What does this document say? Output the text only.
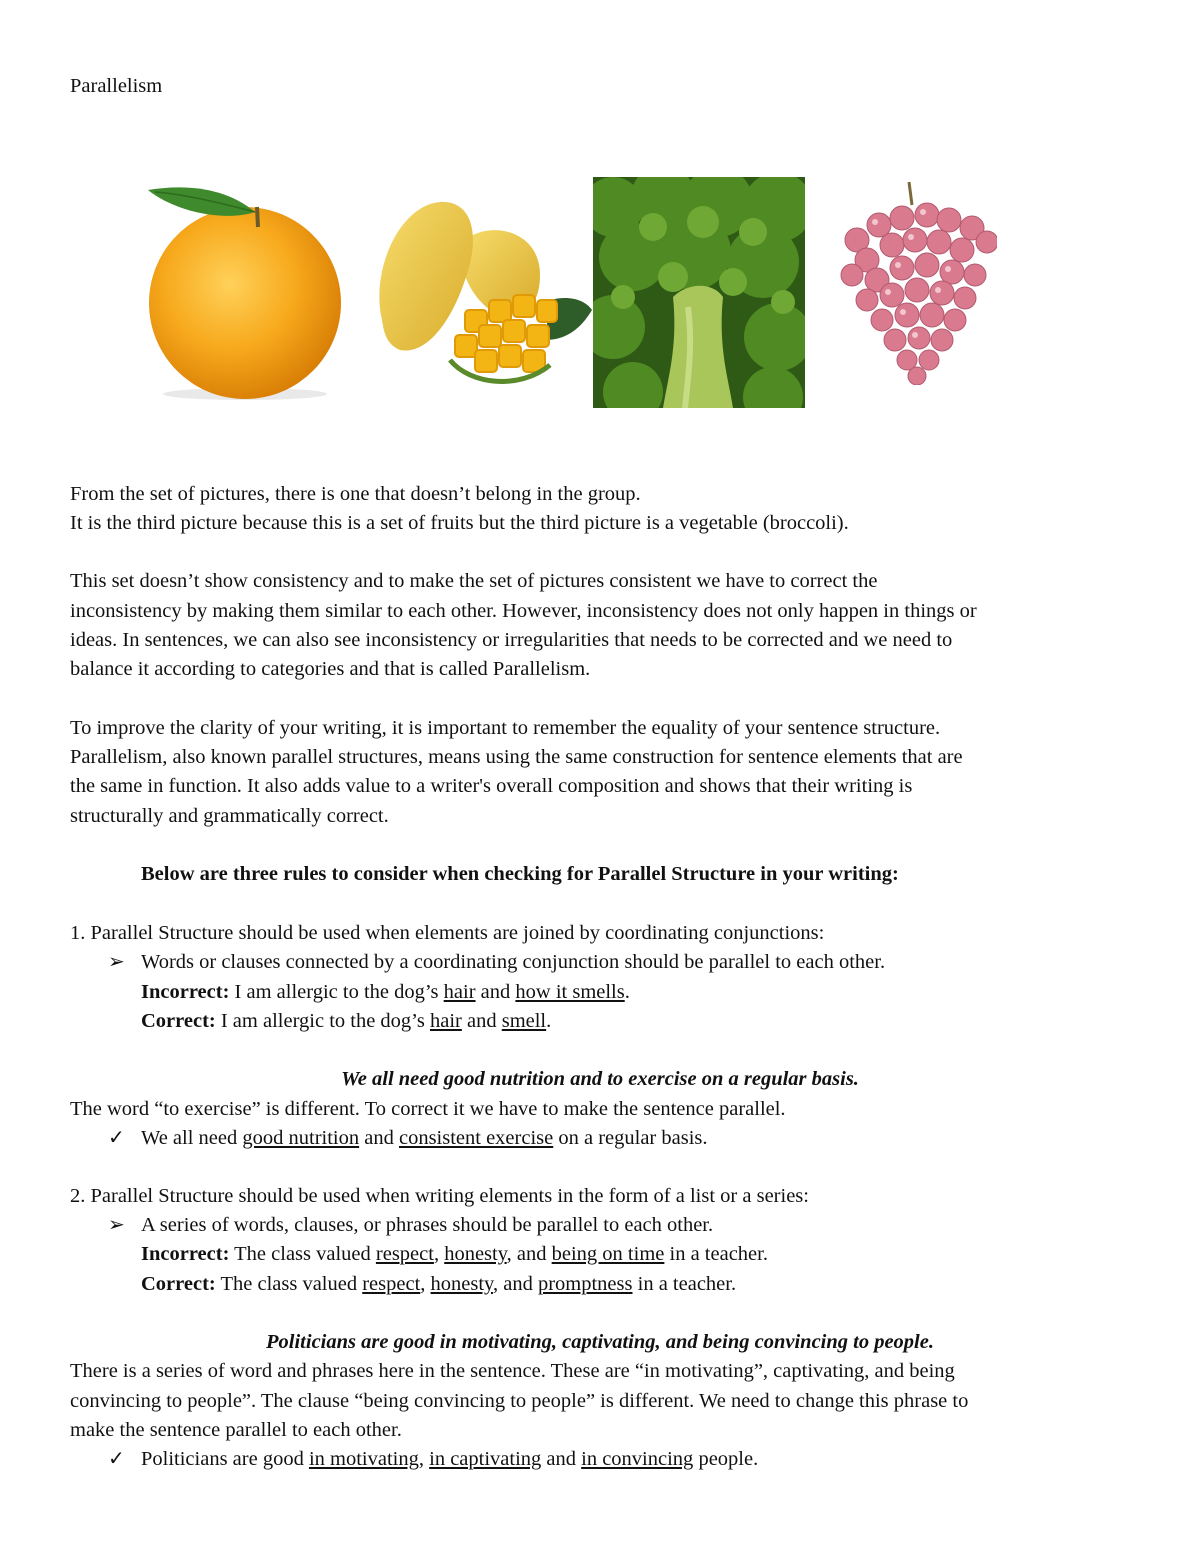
Parallelism
From the set of pictures, there is one that doesn’t belong in the group.
It is the third picture because this is a set of fruits but the third picture is a vegetable (broccoli).
This set doesn’t show consistency and to make the set of pictures consistent we have to correct the
inconsistency by making them similar to each other. However, inconsistency does not only happen in things or
ideas. In sentences, we can also see inconsistency or irregularities that needs to be corrected and we need to
balance it according to categories and that is called Parallelism.
To improve the clarity of your writing, it is important to remember the equality of your sentence structure.
Parallelism, also known parallel structures, means using the same construction for sentence elements that are
the same in function. It also adds value to a writer's overall composition and shows that their writing is
structurally and grammatically correct.
Below are three rules to consider when checking for Parallel Structure in your writing:
1. Parallel Structure should be used when elements are joined by coordinating conjunctions:
➢ Words or clauses connected by a coordinating conjunction should be parallel to each other.
Incorrect: I am allergic to the dog’s hair and how it smells.
Correct: I am allergic to the dog’s hair and smell.
We all need good nutrition and to exercise on a regular basis.
The word “to exercise” is different. To correct it we have to make the sentence parallel.
✓ We all need good nutrition and consistent exercise on a regular basis.
2. Parallel Structure should be used when writing elements in the form of a list or a series:
➢ A series of words, clauses, or phrases should be parallel to each other.
Incorrect: The class valued respect, honesty, and being on time in a teacher.
Correct: The class valued respect, honesty, and promptness in a teacher.
Politicians are good in motivating, captivating, and being convincing to people.
There is a series of word and phrases here in the sentence. These are “in motivating”, captivating, and being
convincing to people”. The clause “being convincing to people” is different. We need to change this phrase to
make the sentence parallel to each other.
✓ Politicians are good in motivating, in captivating and in convincing people.
